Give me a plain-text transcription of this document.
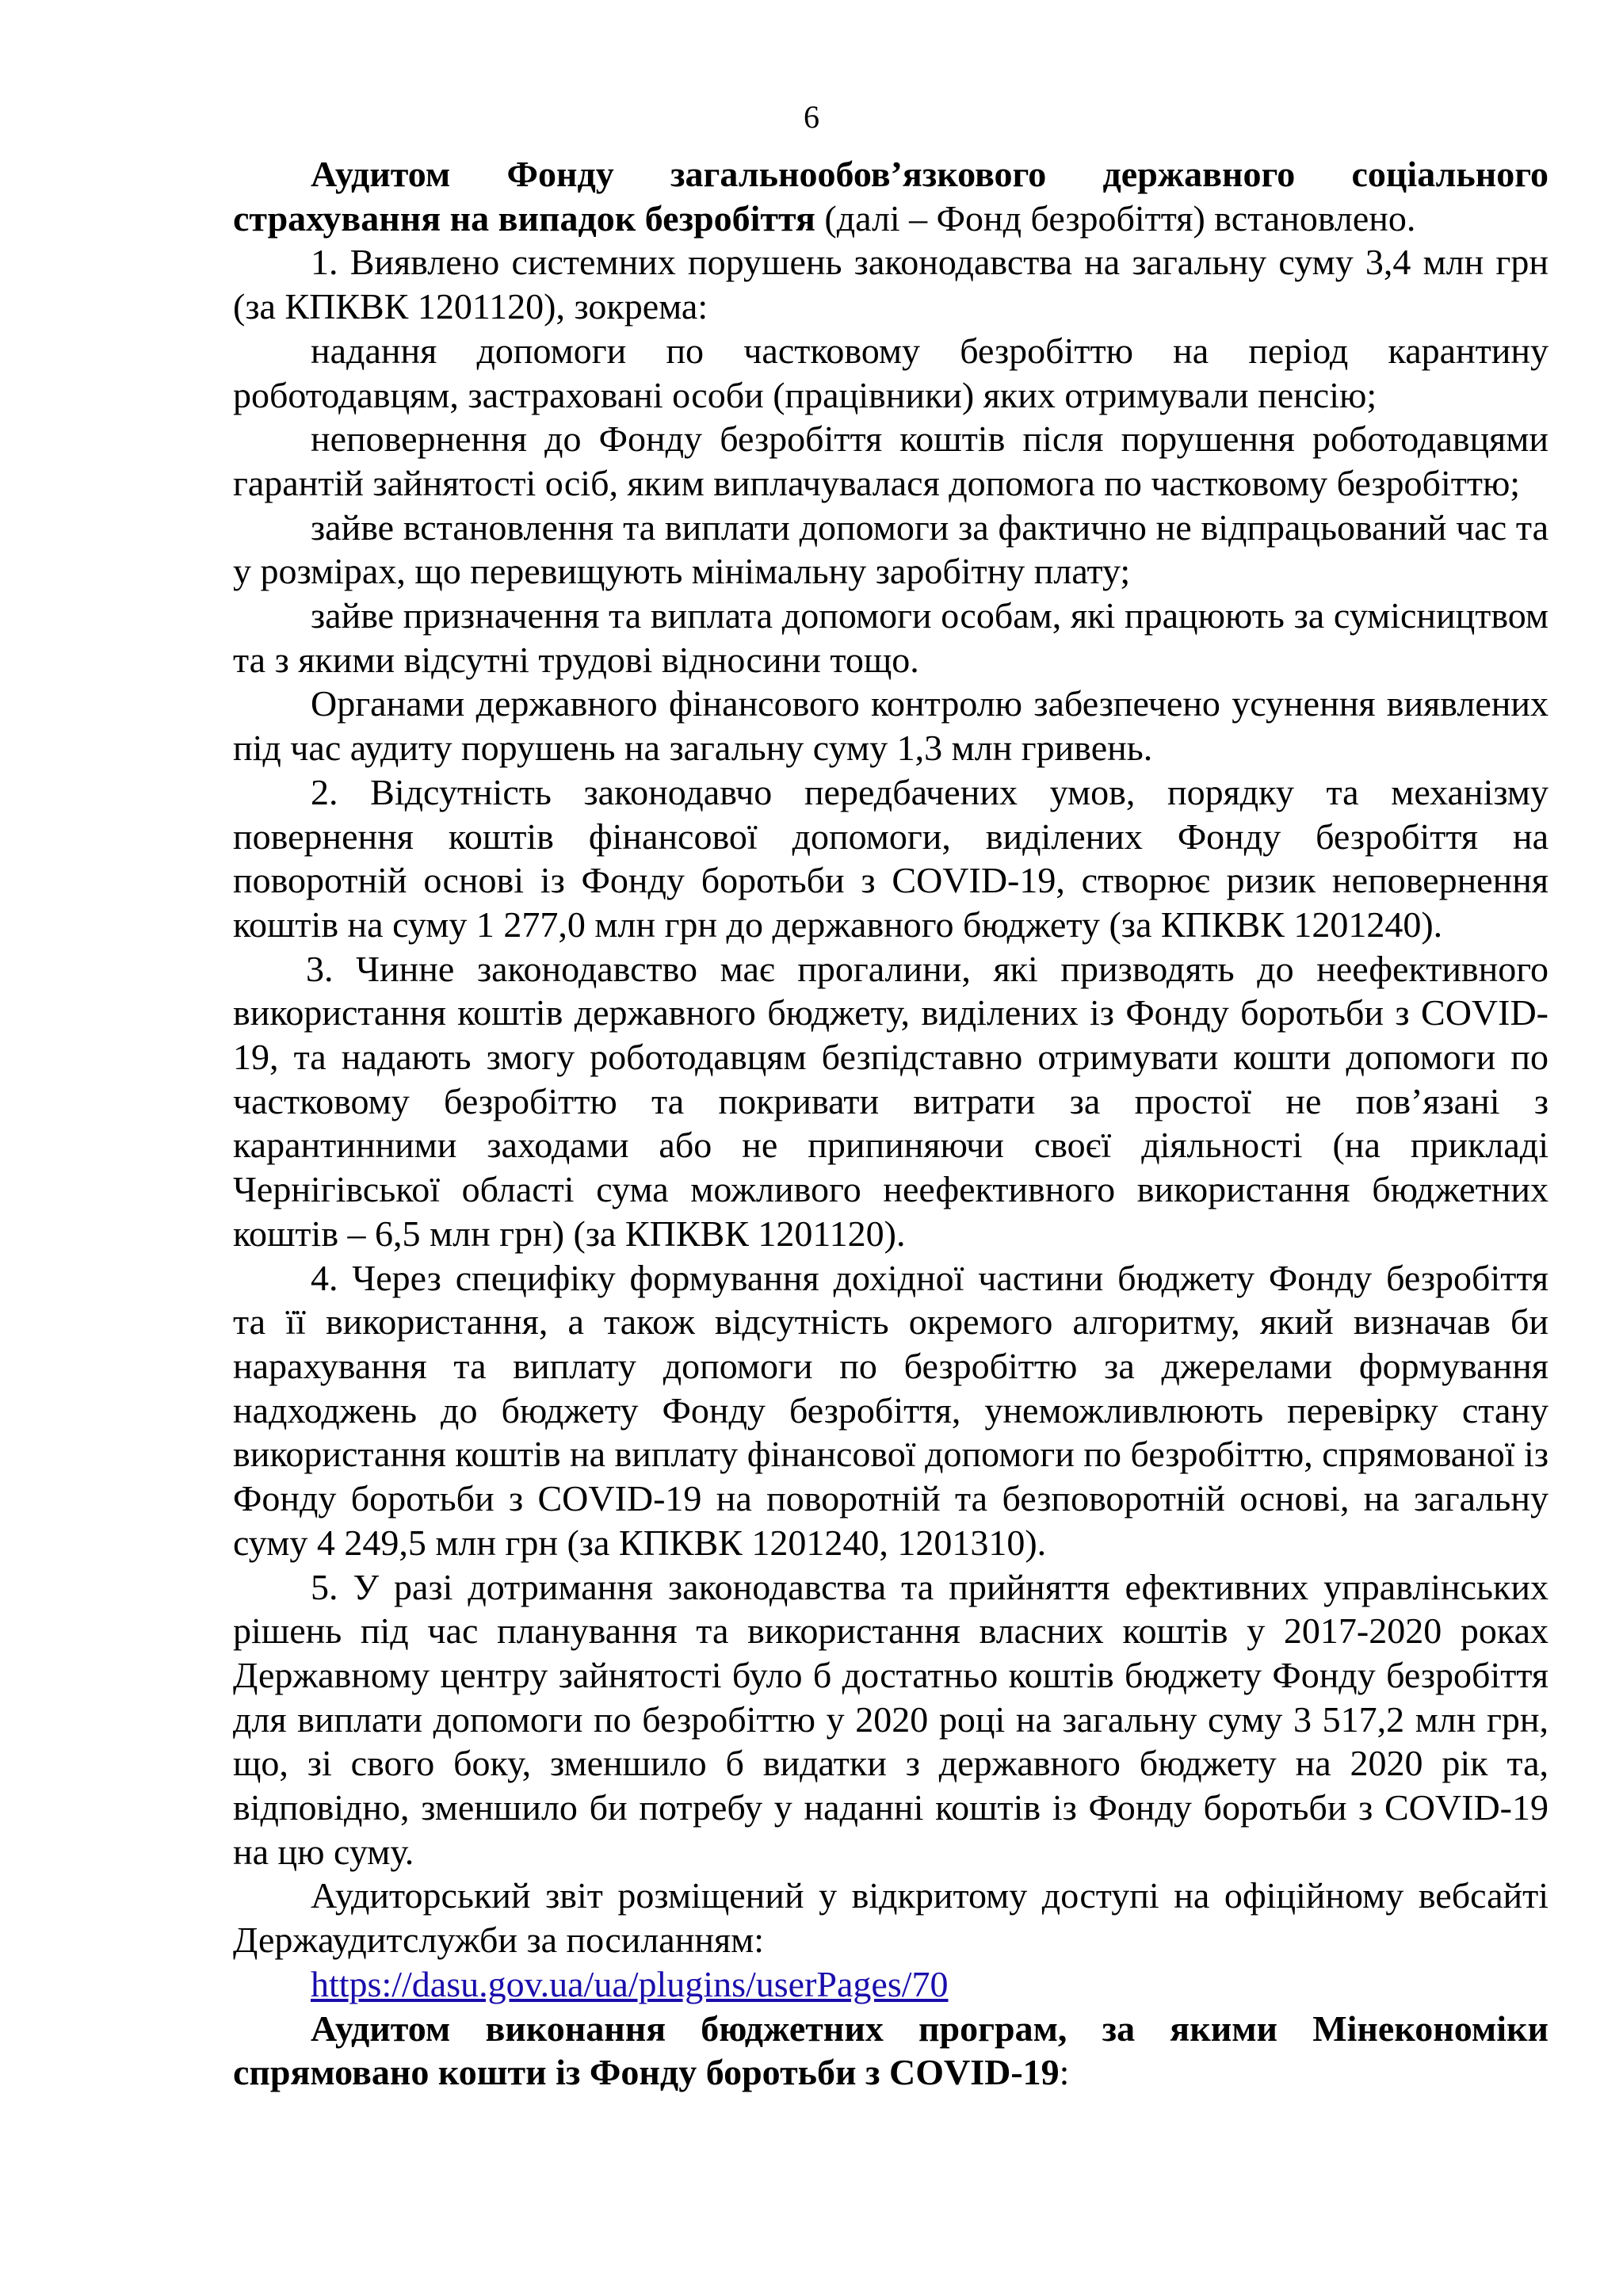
6

Аудитом Фонду загальнообов’язкового державного соціального страхування на випадок безробіття (далі – Фонд безробіття) встановлено.

1. Виявлено системних порушень законодавства на загальну суму 3,4 млн грн (за КПКВК 1201120), зокрема:

надання допомоги по частковому безробіттю на період карантину роботодавцям, застраховані особи (працівники) яких отримували пенсію;

неповернення до Фонду безробіття коштів після порушення роботодавцями гарантій зайнятості осіб, яким виплачувалася допомога по частковому безробіттю;

зайве встановлення та виплати допомоги за фактично не відпрацьований час та у розмірах, що перевищують мінімальну заробітну плату;

зайве призначення та виплата допомоги особам, які працюють за сумісництвом та з якими відсутні трудові відносини тощо.

Органами державного фінансового контролю забезпечено усунення виявлених під час аудиту порушень на загальну суму 1,3 млн гривень.

2. Відсутність законодавчо передбачених умов, порядку та механізму повернення коштів фінансової допомоги, виділених Фонду безробіття на поворотній основі із Фонду боротьби з COVID-19, створює ризик неповернення коштів на суму 1 277,0 млн грн до державного бюджету (за КПКВК 1201240).

3. Чинне законодавство має прогалини, які призводять до неефективного використання коштів державного бюджету, виділених із Фонду боротьби з COVID-19, та надають змогу роботодавцям безпідставно отримувати кошти допомоги по частковому безробіттю та покривати витрати за простої не пов’язані з карантинними заходами або не припиняючи своєї діяльності (на прикладі Чернігівської області сума можливого неефективного використання бюджетних коштів – 6,5 млн грн) (за КПКВК 1201120).

4. Через специфіку формування дохідної частини бюджету Фонду безробіття та її використання, а також відсутність окремого алгоритму, який визначав би нарахування та виплату допомоги по безробіттю за джерелами формування надходжень до бюджету Фонду безробіття, унеможливлюють перевірку стану використання коштів на виплату фінансової допомоги по безробіттю, спрямованої із Фонду боротьби з COVID-19 на поворотній та безповоротній основі, на загальну суму 4 249,5 млн грн (за КПКВК 1201240, 1201310).

5. У разі дотримання законодавства та прийняття ефективних управлінських рішень під час планування та використання власних коштів у 2017-2020 роках Державному центру зайнятості було б достатньо коштів бюджету Фонду безробіття для виплати допомоги по безробіттю у 2020 році на загальну суму 3 517,2 млн грн, що, зі свого боку, зменшило б видатки з державного бюджету на 2020 рік та, відповідно, зменшило би потребу у наданні коштів із Фонду боротьби з COVID-19 на цю суму.

Аудиторський звіт розміщений у відкритому доступі на офіційному вебсайті Держаудитслужби за посиланням:

https://dasu.gov.ua/ua/plugins/userPages/70

Аудитом виконання бюджетних програм, за якими Мінекономіки спрямовано кошти із Фонду боротьби з COVID-19:
